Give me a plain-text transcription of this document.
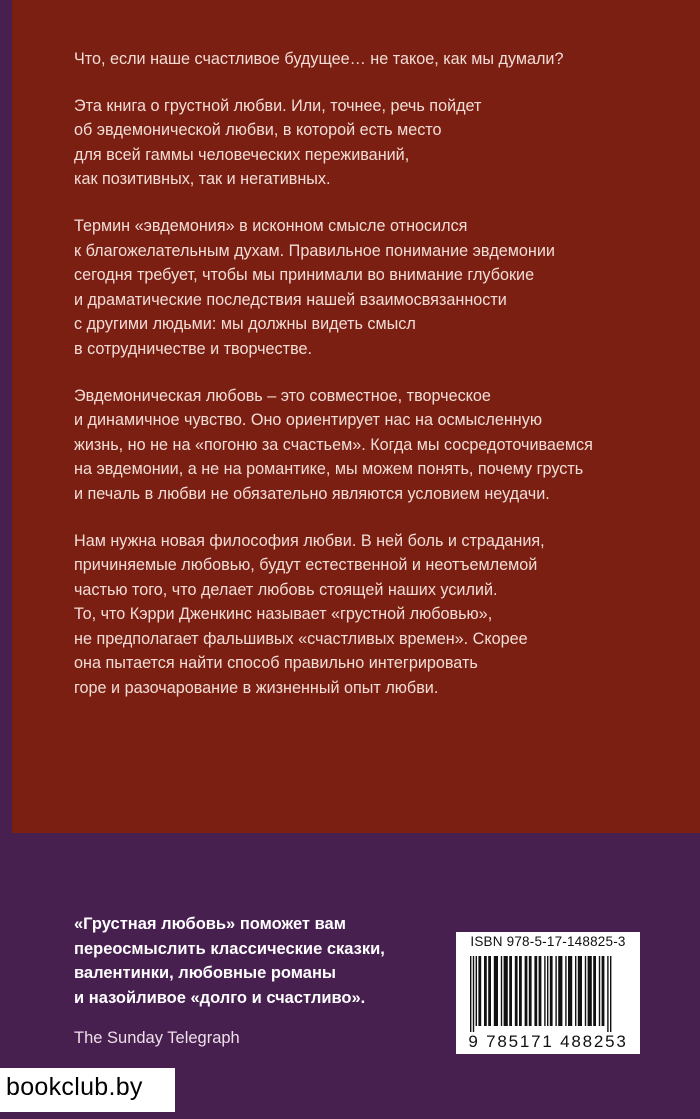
Что, если наше счастливое будущее… не такое, как мы думали?

Эта книга о грустной любви. Или, точнее, речь пойдет
об эвдемонической любви, в которой есть место
для всей гаммы человеческих переживаний,
как позитивных, так и негативных.

Термин «эвдемония» в исконном смысле относился
к благожелательным духам. Правильное понимание эвдемонии
сегодня требует, чтобы мы принимали во внимание глубокие
и драматические последствия нашей взаимосвязанности
с другими людьми: мы должны видеть смысл
в сотрудничестве и творчестве.

Эвдемоническая любовь – это совместное, творческое
и динамичное чувство. Оно ориентирует нас на осмысленную
жизнь, но не на «погоню за счастьем». Когда мы сосредоточиваемся
на эвдемонии, а не на романтике, мы можем понять, почему грусть
и печаль в любви не обязательно являются условием неудачи.

Нам нужна новая философия любви. В ней боль и страдания,
причиняемые любовью, будут естественной и неотъемлемой
частью того, что делает любовь стоящей наших усилий.
То, что Кэрри Дженкинс называет «грустной любовью»,
не предполагает фальшивых «счастливых времен». Скорее
она пытается найти способ правильно интегрировать
горе и разочарование в жизненный опыт любви.

«Грустная любовь» поможет вам
переосмыслить классические сказки,
валентинки, любовные романы
и назойливое «долго и счастливо».
The Sunday Telegraph
ISBN 978-5-17-148825-3
9 785171 488253
bookclub.by
